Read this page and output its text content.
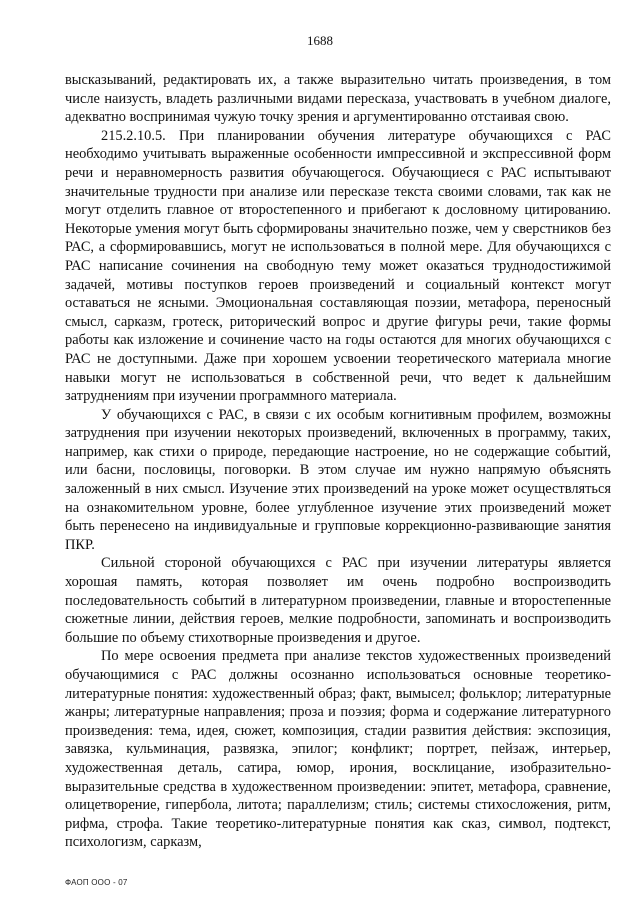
1688

высказываний, редактировать их, а также выразительно читать произведения, в том числе наизусть, владеть различными видами пересказа, участвовать в учебном диалоге, адекватно воспринимая чужую точку зрения и аргументированно отстаивая свою.

215.2.10.5. При планировании обучения литературе обучающихся с РАС необходимо учитывать выраженные особенности импрессивной и экспрессивной форм речи и неравномерность развития обучающегося. Обучающиеся с РАС испытывают значительные трудности при анализе или пересказе текста своими словами, так как не могут отделить главное от второстепенного и прибегают к дословному цитированию. Некоторые умения могут быть сформированы значительно позже, чем у сверстников без РАС, а сформировавшись, могут не использоваться в полной мере. Для обучающихся с РАС написание сочинения на свободную тему может оказаться труднодостижимой задачей, мотивы поступков героев произведений и социальный контекст могут оставаться не ясными. Эмоциональная составляющая поэзии, метафора, переносный смысл, сарказм, гротеск, риторический вопрос и другие фигуры речи, такие формы работы как изложение и сочинение часто на годы остаются для многих обучающихся с РАС не доступными. Даже при хорошем усвоении теоретического материала многие навыки могут не использоваться в собственной речи, что ведет к дальнейшим затруднениям при изучении программного материала.

У обучающихся с РАС, в связи с их особым когнитивным профилем, возможны затруднения при изучении некоторых произведений, включенных в программу, таких, например, как стихи о природе, передающие настроение, но не содержащие событий, или басни, пословицы, поговорки. В этом случае им нужно напрямую объяснять заложенный в них смысл. Изучение этих произведений на уроке может осуществляться на ознакомительном уровне, более углубленное изучение этих произведений может быть перенесено на индивидуальные и групповые коррекционно-развивающие занятия ПКР.

Сильной стороной обучающихся с РАС при изучении литературы является хорошая память, которая позволяет им очень подробно воспроизводить последовательность событий в литературном произведении, главные и второстепенные сюжетные линии, действия героев, мелкие подробности, запоминать и воспроизводить большие по объему стихотворные произведения и другое.

По мере освоения предмета при анализе текстов художественных произведений обучающимися с РАС должны осознанно использоваться основные теоретико-литературные понятия: художественный образ; факт, вымысел; фольклор; литературные жанры; литературные направления; проза и поэзия; форма и содержание литературного произведения: тема, идея, сюжет, композиция, стадии развития действия: экспозиция, завязка, кульминация, развязка, эпилог; конфликт; портрет, пейзаж, интерьер, художественная деталь, сатира, юмор, ирония, восклицание, изобразительно-выразительные средства в художественном произведении: эпитет, метафора, сравнение, олицетворение, гипербола, литота; параллелизм; стиль; системы стихосложения, ритм, рифма, строфа. Такие теоретико-литературные понятия как сказ, символ, подтекст, психологизм, сарказм,

ФАОП ООО - 07
